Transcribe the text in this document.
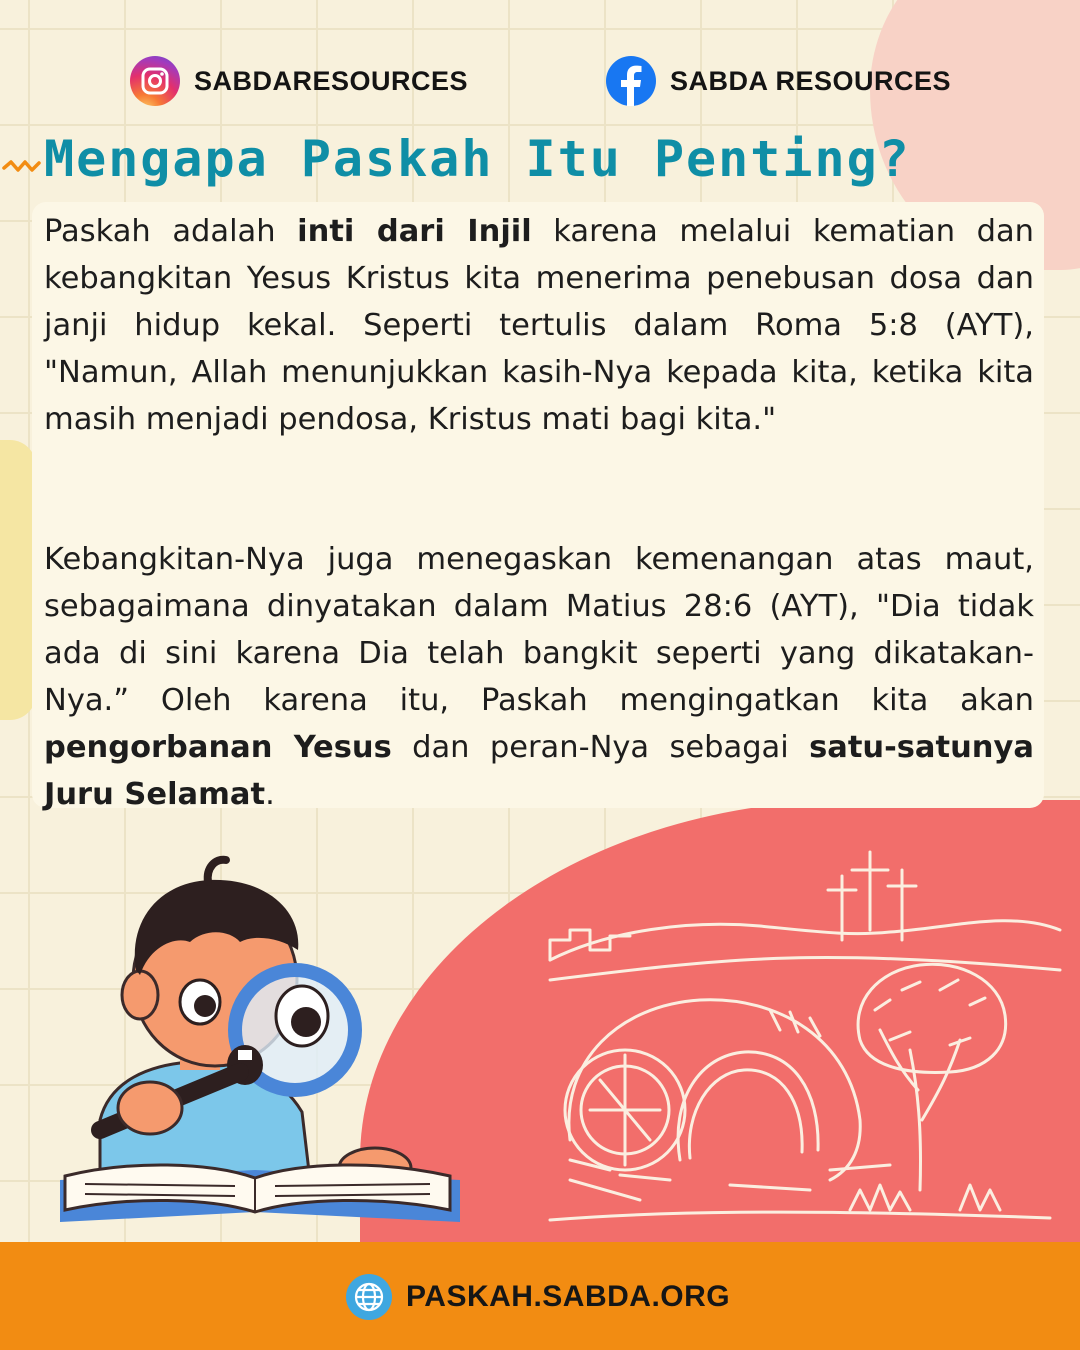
SABDARESOURCES	SABDA RESOURCES
Mengapa Paskah Itu Penting?

Paskah adalah inti dari Injil karena melalui kematian dan kebangkitan Yesus Kristus kita menerima penebusan dosa dan janji hidup kekal. Seperti tertulis dalam Roma 5:8 (AYT), "Namun, Allah menunjukkan kasih-Nya kepada kita, ketika kita masih menjadi pendosa, Kristus mati bagi kita."

Kebangkitan-Nya juga menegaskan kemenangan atas maut, sebagaimana dinyatakan dalam Matius 28:6 (AYT), "Dia tidak ada di sini karena Dia telah bangkit seperti yang dikatakan-Nya.” Oleh karena itu, Paskah mengingatkan kita akan pengorbanan Yesus dan peran-Nya sebagai satu-satunya Juru Selamat.

PASKAH.SABDA.ORG
